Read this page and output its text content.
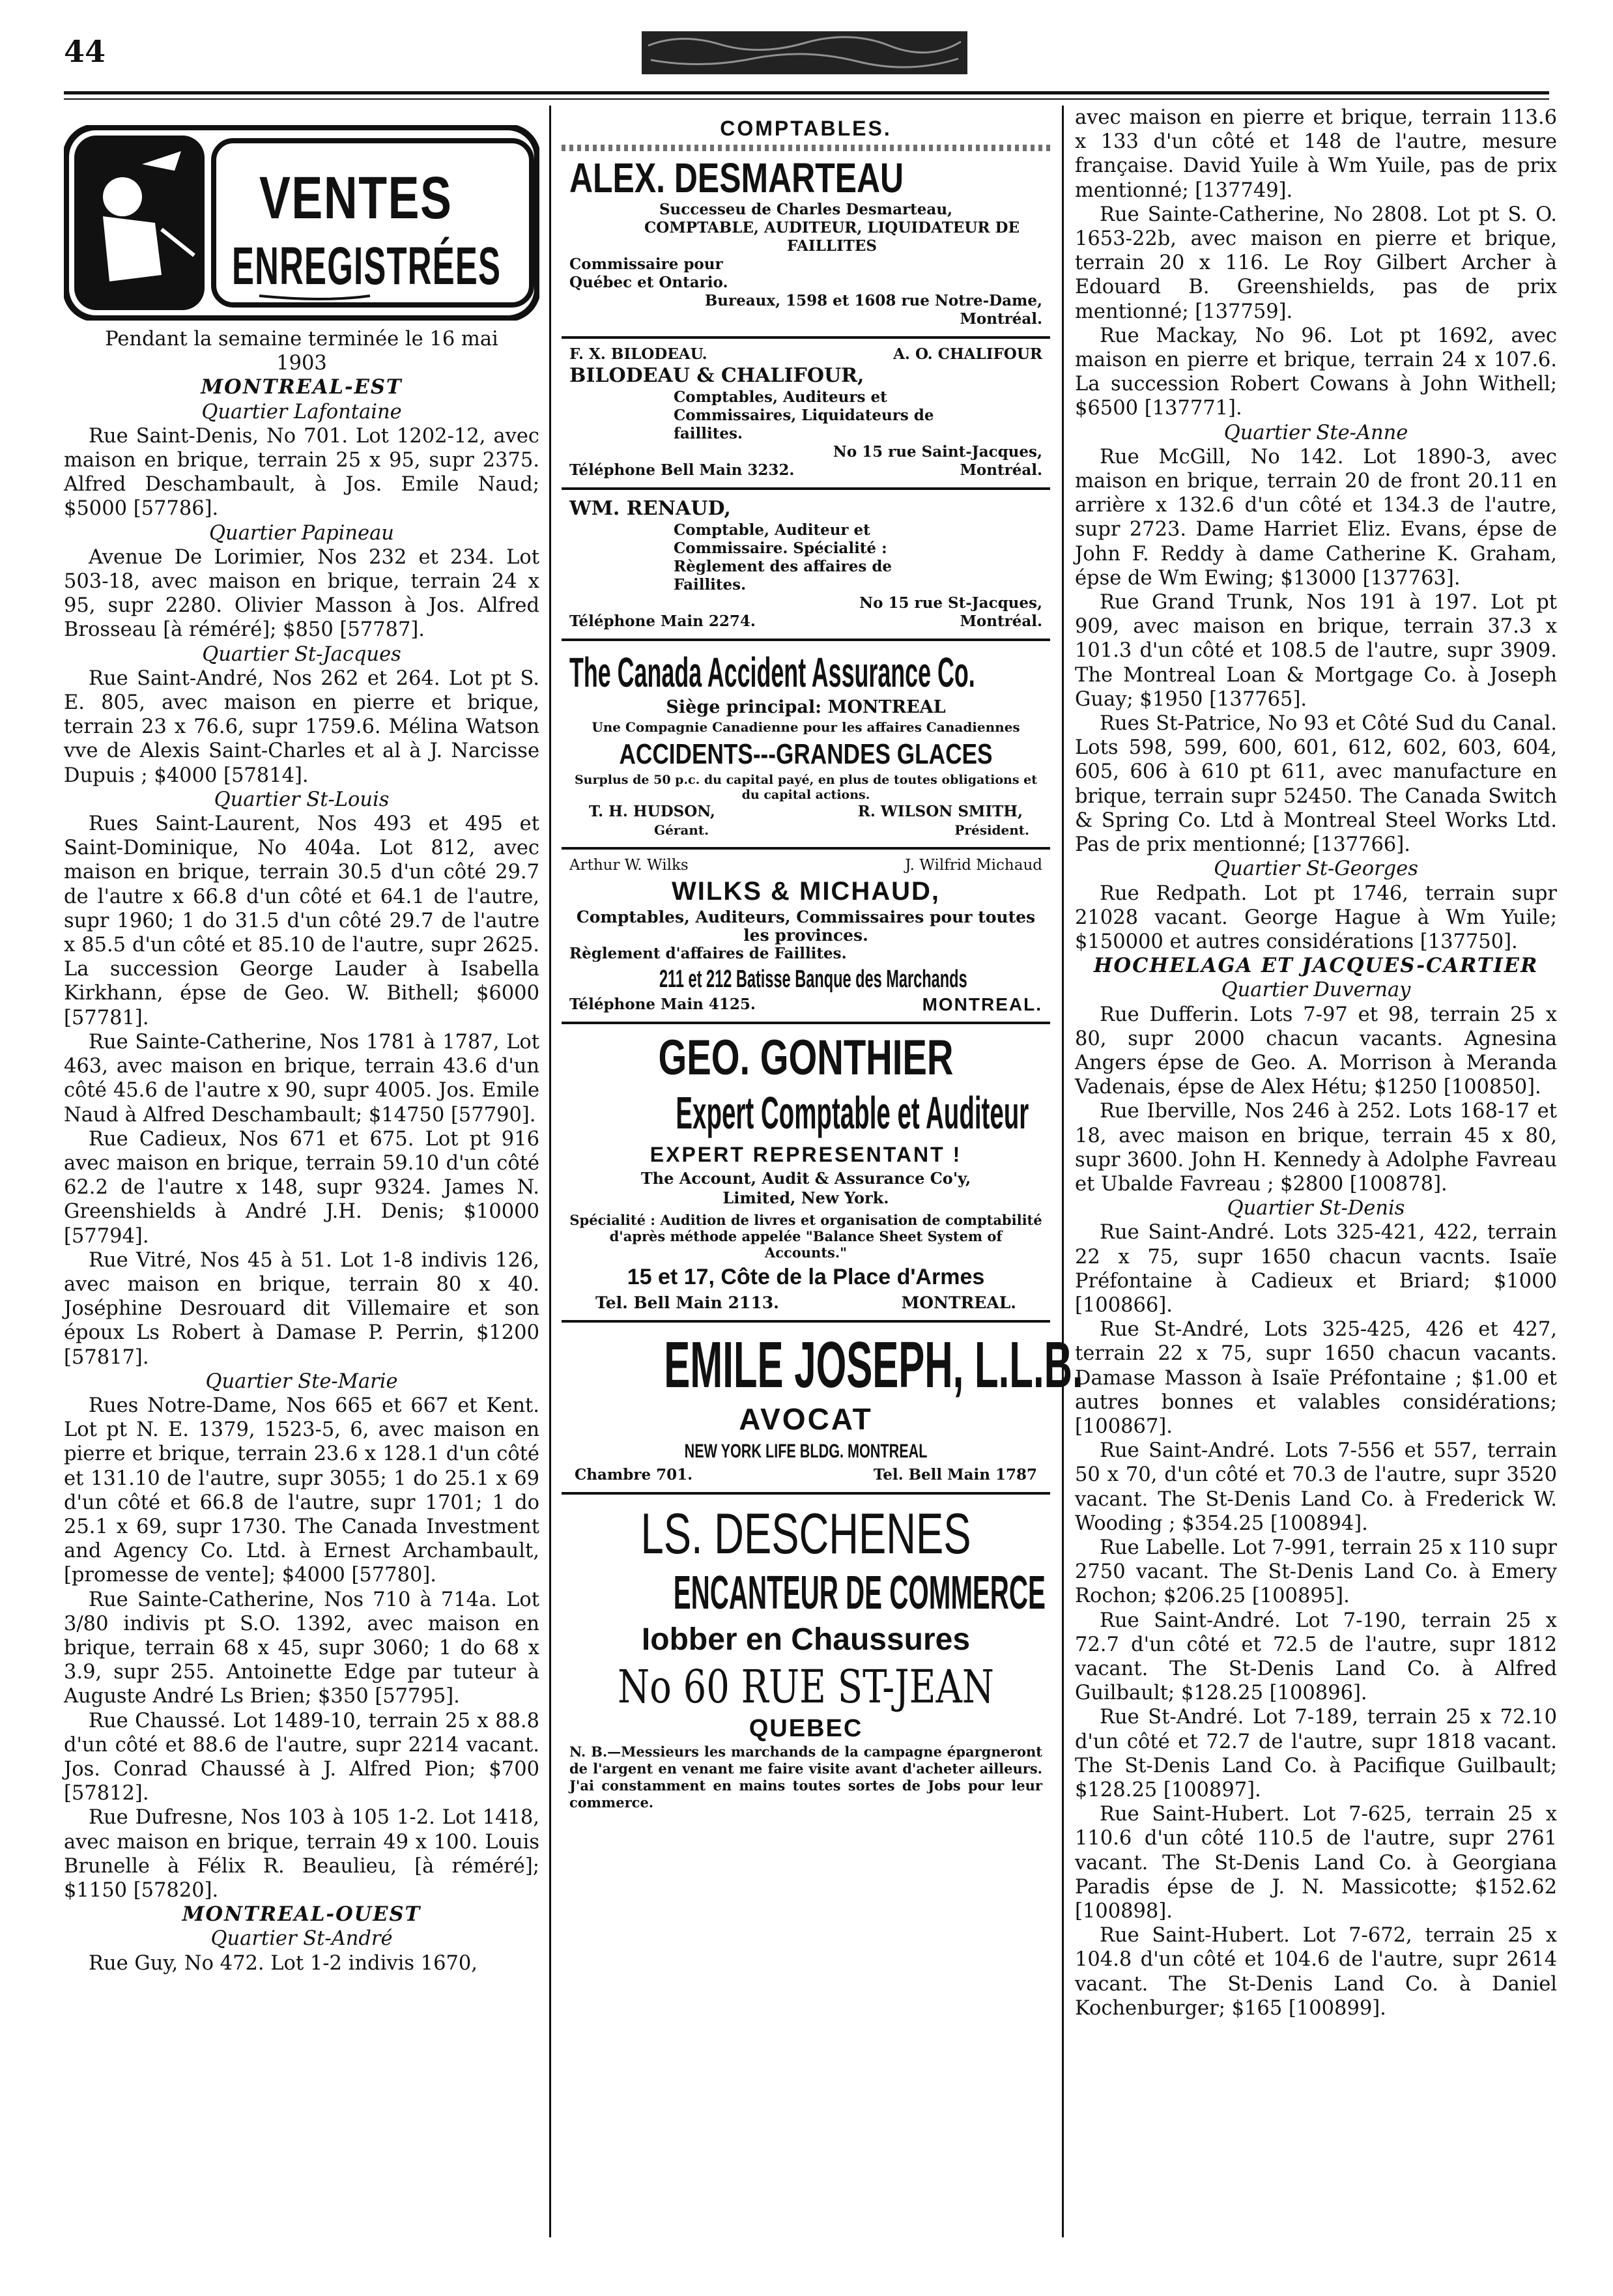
44
VENTES
ENREGISTRÉES
Pendant la semaine terminée le 16 mai
1903
MONTREAL-EST
Quartier Lafontaine
Rue Saint-Denis, No 701. Lot 1202-12, avec maison en brique, terrain 25 x 95, supr 2375. Alfred Deschambault, à Jos. Emile Naud; $5000 [57786].
Quartier Papineau
Avenue De Lorimier, Nos 232 et 234. Lot 503-18, avec maison en brique, terrain 24 x 95, supr 2280. Olivier Masson à Jos. Alfred Brosseau [à réméré]; $850 [57787].
Quartier St-Jacques
Rue Saint-André, Nos 262 et 264. Lot pt S. E. 805, avec maison en pierre et brique, terrain 23 x 76.6, supr 1759.6. Mélina Watson vve de Alexis Saint-Charles et al à J. Narcisse Dupuis ; $4000 [57814].
Quartier St-Louis
Rues Saint-Laurent, Nos 493 et 495 et Saint-Dominique, No 404a. Lot 812, avec maison en brique, terrain 30.5 d'un côté 29.7 de l'autre x 66.8 d'un côté et 64.1 de l'autre, supr 1960; 1 do 31.5 d'un côté 29.7 de l'autre x 85.5 d'un côté et 85.10 de l'autre, supr 2625. La succession George Lauder à Isabella Kirkhann, épse de Geo. W. Bithell; $6000 [57781].
Rue Sainte-Catherine, Nos 1781 à 1787, Lot 463, avec maison en brique, terrain 43.6 d'un côté 45.6 de l'autre x 90, supr 4005. Jos. Emile Naud à Alfred Deschambault; $14750 [57790].
Rue Cadieux, Nos 671 et 675. Lot pt 916 avec maison en brique, terrain 59.10 d'un côté 62.2 de l'autre x 148, supr 9324. James N. Greenshields à André J.H. Denis; $10000 [57794].
Rue Vitré, Nos 45 à 51. Lot 1-8 indivis 126, avec maison en brique, terrain 80 x 40. Joséphine Desrouard dit Villemaire et son époux Ls Robert à Damase P. Perrin, $1200 [57817].
Quartier Ste-Marie
Rues Notre-Dame, Nos 665 et 667 et Kent. Lot pt N. E. 1379, 1523-5, 6, avec maison en pierre et brique, terrain 23.6 x 128.1 d'un côté et 131.10 de l'autre, supr 3055; 1 do 25.1 x 69 d'un côté et 66.8 de l'autre, supr 1701; 1 do 25.1 x 69, supr 1730. The Canada Investment and Agency Co. Ltd. à Ernest Archambault, [promesse de vente]; $4000 [57780].
Rue Sainte-Catherine, Nos 710 à 714a. Lot 3/80 indivis pt S.O. 1392, avec maison en brique, terrain 68 x 45, supr 3060; 1 do 68 x 3.9, supr 255. Antoinette Edge par tuteur à Auguste André Ls Brien; $350 [57795].
Rue Chaussé. Lot 1489-10, terrain 25 x 88.8 d'un côté et 88.6 de l'autre, supr 2214 vacant. Jos. Conrad Chaussé à J. Alfred Pion; $700 [57812].
Rue Dufresne, Nos 103 à 105 1-2. Lot 1418, avec maison en brique, terrain 49 x 100. Louis Brunelle à Félix R. Beaulieu, [à réméré]; $1150 [57820].
MONTREAL-OUEST
Quartier St-André
Rue Guy, No 472. Lot 1-2 indivis 1670,
COMPTABLES.
ALEX. DESMARTEAU
Successeu de Charles Desmarteau,
COMPTABLE, AUDITEUR, LIQUIDATEUR DE FAILLITES
Commissaire pour Québec et Ontario.
Bureaux, 1598 et 1608 rue Notre-Dame,
Montréal.
F. X. BILODEAU.	A. O. CHALIFOUR
BILODEAU & CHALIFOUR,
Comptables, Auditeurs et Commissaires, Liquidateurs de faillites.
No 15 rue Saint-Jacques,
Téléphone Bell Main 3232.	Montréal.
WM. RENAUD,
Comptable, Auditeur et Commissaire. Spécialité : Règlement des affaires de Faillites.
No 15 rue St-Jacques,
Téléphone Main 2274.	Montréal.
The Canada Accident Assurance Co.
Siège principal: MONTREAL
Une Compagnie Canadienne pour les affaires Canadiennes
ACCIDENTS---GRANDES GLACES
Surplus de 50 p.c. du capital payé, en plus de toutes obligations et du capital actions.
T. H. HUDSON,	R. WILSON SMITH,
Gérant.	Président.
Arthur W. Wilks	J. Wilfrid Michaud
WILKS & MICHAUD,
Comptables, Auditeurs, Commissaires pour toutes les provinces.
Règlement d'affaires de Faillites.
211 et 212 Batisse Banque des Marchands
Téléphone Main 4125.	MONTREAL.
GEO. GONTHIER
Expert Comptable et Auditeur
EXPERT REPRESENTANT !
The Account, Audit & Assurance Co'y, Limited, New York.
Spécialité : Audition de livres et organisation de comptabilité d'après méthode appelée "Balance Sheet System of Accounts."
15 et 17, Côte de la Place d'Armes
Tel. Bell Main 2113.	MONTREAL.
EMILE JOSEPH, L.L.B.
AVOCAT
NEW YORK LIFE BLDG. MONTREAL
Chambre 701.	Tel. Bell Main 1787
LS. DESCHENES
ENCANTEUR DE COMMERCE
Iobber en Chaussures
No 60 RUE ST-JEAN
QUEBEC
N. B.—Messieurs les marchands de la campagne épargneront de l'argent en venant me faire visite avant d'acheter ailleurs. J'ai constamment en mains toutes sortes de Jobs pour leur commerce.
avec maison en pierre et brique, terrain 113.6 x 133 d'un côté et 148 de l'autre, mesure française. David Yuile à Wm Yuile, pas de prix mentionné; [137749].
Rue Sainte-Catherine, No 2808. Lot pt S. O. 1653-22b, avec maison en pierre et brique, terrain 20 x 116. Le Roy Gilbert Archer à Edouard B. Greenshields, pas de prix mentionné; [137759].
Rue Mackay, No 96. Lot pt 1692, avec maison en pierre et brique, terrain 24 x 107.6. La succession Robert Cowans à John Withell; $6500 [137771].
Quartier Ste-Anne
Rue McGill, No 142. Lot 1890-3, avec maison en brique, terrain 20 de front 20.11 en arrière x 132.6 d'un côté et 134.3 de l'autre, supr 2723. Dame Harriet Eliz. Evans, épse de John F. Reddy à dame Catherine K. Graham, épse de Wm Ewing; $13000 [137763].
Rue Grand Trunk, Nos 191 à 197. Lot pt 909, avec maison en brique, terrain 37.3 x 101.3 d'un côté et 108.5 de l'autre, supr 3909. The Montreal Loan & Mortgage Co. à Joseph Guay; $1950 [137765].
Rues St-Patrice, No 93 et Côté Sud du Canal. Lots 598, 599, 600, 601, 612, 602, 603, 604, 605, 606 à 610 pt 611, avec manufacture en brique, terrain supr 52450. The Canada Switch & Spring Co. Ltd à Montreal Steel Works Ltd. Pas de prix mentionné; [137766].
Quartier St-Georges
Rue Redpath. Lot pt 1746, terrain supr 21028 vacant. George Hague à Wm Yuile; $150000 et autres considérations [137750].
HOCHELAGA ET JACQUES-CARTIER
Quartier Duvernay
Rue Dufferin. Lots 7-97 et 98, terrain 25 x 80, supr 2000 chacun vacants. Agnesina Angers épse de Geo. A. Morrison à Meranda Vadenais, épse de Alex Hétu; $1250 [100850].
Rue Iberville, Nos 246 à 252. Lots 168-17 et 18, avec maison en brique, terrain 45 x 80, supr 3600. John H. Kennedy à Adolphe Favreau et Ubalde Favreau ; $2800 [100878].
Quartier St-Denis
Rue Saint-André. Lots 325-421, 422, terrain 22 x 75, supr 1650 chacun vacnts. Isaïe Préfontaine à Cadieux et Briard; $1000 [100866].
Rue St-André, Lots 325-425, 426 et 427, terrain 22 x 75, supr 1650 chacun vacants. Damase Masson à Isaïe Préfontaine ; $1.00 et autres bonnes et valables considérations; [100867].
Rue Saint-André. Lots 7-556 et 557, terrain 50 x 70, d'un côté et 70.3 de l'autre, supr 3520 vacant. The St-Denis Land Co. à Frederick W. Wooding ; $354.25 [100894].
Rue Labelle. Lot 7-991, terrain 25 x 110 supr 2750 vacant. The St-Denis Land Co. à Emery Rochon; $206.25 [100895].
Rue Saint-André. Lot 7-190, terrain 25 x 72.7 d'un côté et 72.5 de l'autre, supr 1812 vacant. The St-Denis Land Co. à Alfred Guilbault; $128.25 [100896].
Rue St-André. Lot 7-189, terrain 25 x 72.10 d'un côté et 72.7 de l'autre, supr 1818 vacant. The St-Denis Land Co. à Pacifique Guilbault; $128.25 [100897].
Rue Saint-Hubert. Lot 7-625, terrain 25 x 110.6 d'un côté 110.5 de l'autre, supr 2761 vacant. The St-Denis Land Co. à Georgiana Paradis épse de J. N. Massicotte; $152.62 [100898].
Rue Saint-Hubert. Lot 7-672, terrain 25 x 104.8 d'un côté et 104.6 de l'autre, supr 2614 vacant. The St-Denis Land Co. à Daniel Kochenburger; $165 [100899].
